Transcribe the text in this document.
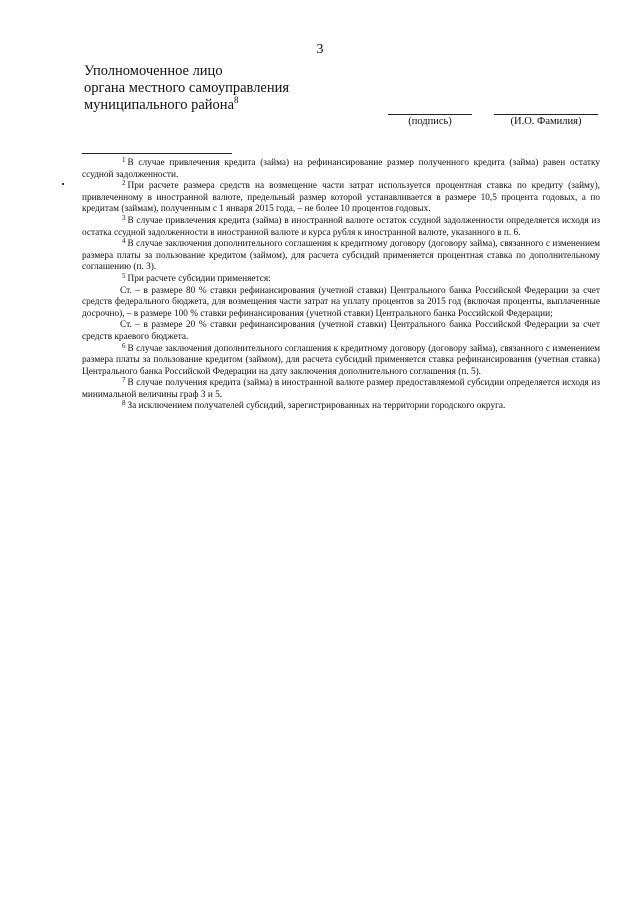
3
Уполномоченное лицо
органа местного самоуправления
муниципального района$^8$
(подпись)	(И.О. Фамилия)

$^1$ В случае привлечения кредита (займа) на рефинансирование размер полученного кредита (займа) равен остатку ссудной задолженности.

$^2$ При расчете размера средств на возмещение части затрат используется процентная ставка по кредиту (займу), привлеченному в иностранной валюте, предельный размер которой устанавливается в размере 10,5 процента годовых, а по кредитам (займам), полученным с 1 января 2015 года, – не более 10 процентов годовых.

$^3$ В случае привлечения кредита (займа) в иностранной валюте остаток ссудной задолженности определяется исходя из остатка ссудной задолженности в иностранной валюте и курса рубля к иностранной валюте, указанного в п. 6.

$^4$ В случае заключения дополнительного соглашения к кредитному договору (договору займа), связанного с изменением размера платы за пользование кредитом (займом), для расчета субсидий применяется процентная ставка по дополнительному соглашению (п. 3).

$^5$ При расчете субсидии применяется:

Ст. – в размере 80 % ставки рефинансирования (учетной ставки) Центрального банка Российской Федерации за счет средств федерального бюджета, для возмещения части затрат на уплату процентов за 2015 год (включая проценты, выплаченные досрочно), – в размере 100 % ставки рефинансирования (учетной ставки) Центрального банка Российской Федерации;

Ст. – в размере 20 % ставки рефинансирования (учетной ставки) Центрального банка Российской Федерации за счет средств краевого бюджета.

$^6$ В случае заключения дополнительного соглашения к кредитному договору (договору займа), связанного с изменением размера платы за пользование кредитом (займом), для расчета субсидий применяется ставка рефинансирования (учетная ставка) Центрального банка Российской Федерации на дату заключения дополнительного соглашения (п. 5).

$^7$ В случае получения кредита (займа) в иностранной валюте размер предоставляемой субсидии определяется исходя из минимальной величины граф 3 и 5.

$^8$ За исключением получателей субсидий, зарегистрированных на территории городского округа.
